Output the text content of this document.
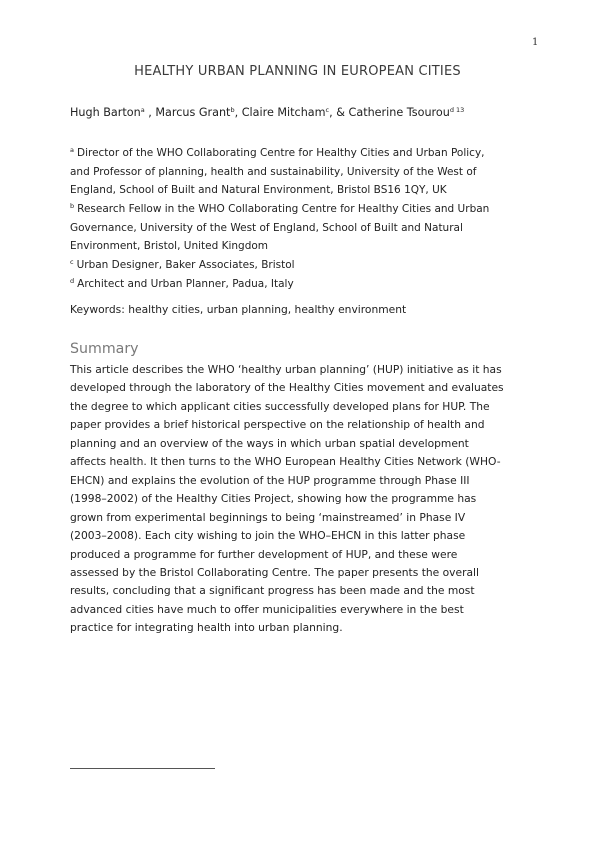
1
HEALTHY URBAN PLANNING IN EUROPEAN CITIES
Hugh Barton$^a$ , Marcus Grant$^b$, Claire Mitcham$^c$, & Catherine Tsourou$^{d 13}$
$^a$ Director of the WHO Collaborating Centre for Healthy Cities and Urban Policy,
and Professor of planning, health and sustainability, University of the West of
England, School of Built and Natural Environment, Bristol BS16 1QY, UK
$^b$ Research Fellow in the WHO Collaborating Centre for Healthy Cities and Urban
Governance, University of the West of England, School of Built and Natural
Environment, Bristol, United Kingdom
$^c$ Urban Designer, Baker Associates, Bristol
$^d$ Architect and Urban Planner, Padua, Italy
Keywords: healthy cities, urban planning, healthy environment
Summary
This article describes the WHO ‘healthy urban planning’ (HUP) initiative as it has
developed through the laboratory of the Healthy Cities movement and evaluates
the degree to which applicant cities successfully developed plans for HUP. The
paper provides a brief historical perspective on the relationship of health and
planning and an overview of the ways in which urban spatial development
affects health. It then turns to the WHO European Healthy Cities Network (WHO-
EHCN) and explains the evolution of the HUP programme through Phase III
(1998–2002) of the Healthy Cities Project, showing how the programme has
grown from experimental beginnings to being ‘mainstreamed’ in Phase IV
(2003–2008). Each city wishing to join the WHO–EHCN in this latter phase
produced a programme for further development of HUP, and these were
assessed by the Bristol Collaborating Centre. The paper presents the overall
results, concluding that a significant progress has been made and the most
advanced cities have much to offer municipalities everywhere in the best
practice for integrating health into urban planning.
